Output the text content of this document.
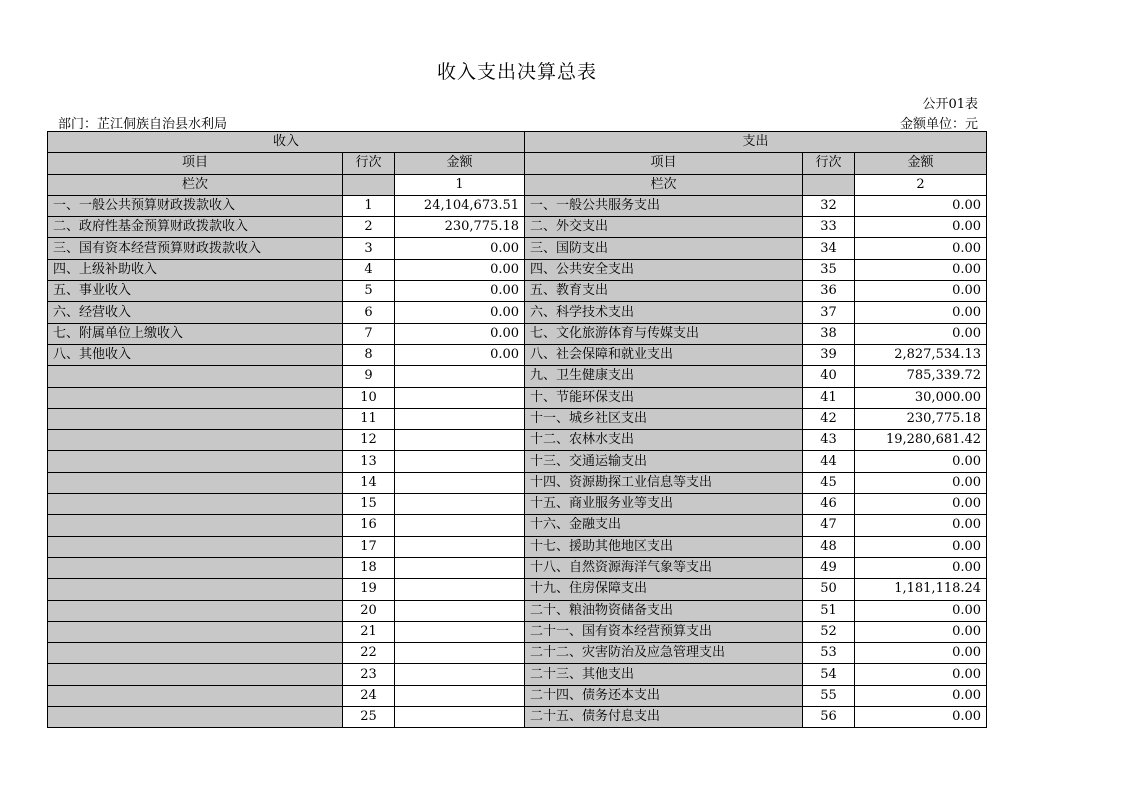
收入支出决算总表
公开01表
部门：芷江侗族自治县水利局	金额单位：元
收入			支出		
项目	行次	金额	项目	行次	金额
栏次		1	栏次		2
一、一般公共预算财政拨款收入	1	24,104,673.51	一、一般公共服务支出	32	0.00
二、政府性基金预算财政拨款收入	2	230,775.18	二、外交支出	33	0.00
三、国有资本经营预算财政拨款收入	3	0.00	三、国防支出	34	0.00
四、上级补助收入	4	0.00	四、公共安全支出	35	0.00
五、事业收入	5	0.00	五、教育支出	36	0.00
六、经营收入	6	0.00	六、科学技术支出	37	0.00
七、附属单位上缴收入	7	0.00	七、文化旅游体育与传媒支出	38	0.00
八、其他收入	8	0.00	八、社会保障和就业支出	39	2,827,534.13
	9		九、卫生健康支出	40	785,339.72
	10		十、节能环保支出	41	30,000.00
	11		十一、城乡社区支出	42	230,775.18
	12		十二、农林水支出	43	19,280,681.42
	13		十三、交通运输支出	44	0.00
	14		十四、资源勘探工业信息等支出	45	0.00
	15		十五、商业服务业等支出	46	0.00
	16		十六、金融支出	47	0.00
	17		十七、援助其他地区支出	48	0.00
	18		十八、自然资源海洋气象等支出	49	0.00
	19		十九、住房保障支出	50	1,181,118.24
	20		二十、粮油物资储备支出	51	0.00
	21		二十一、国有资本经营预算支出	52	0.00
	22		二十二、灾害防治及应急管理支出	53	0.00
	23		二十三、其他支出	54	0.00
	24		二十四、债务还本支出	55	0.00
	25		二十五、债务付息支出	56	0.00
